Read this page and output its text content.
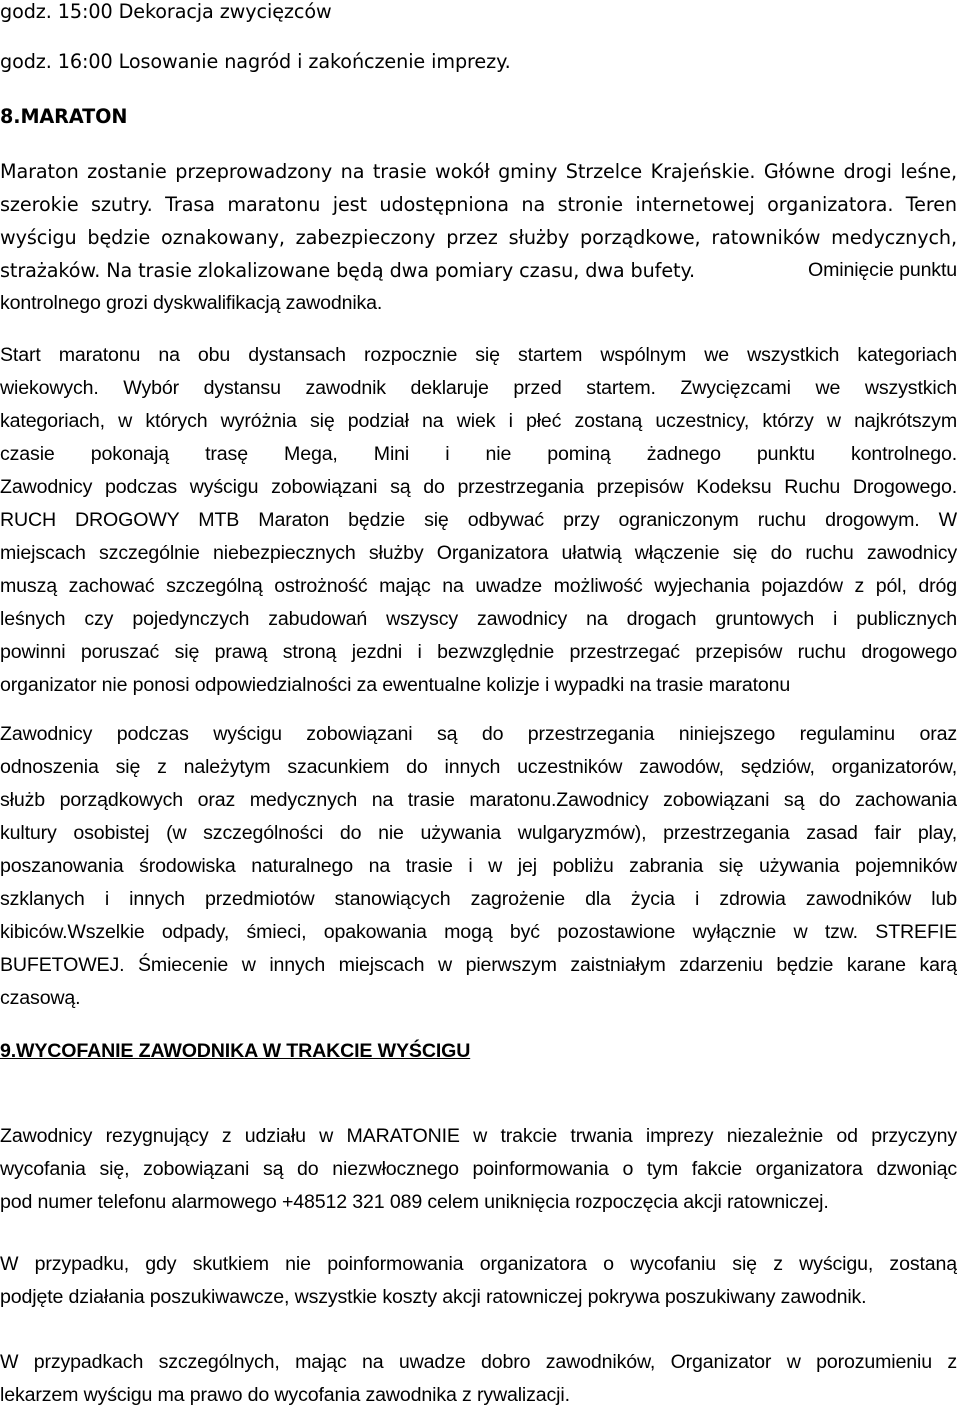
godz. 15:00 Dekoracja zwycięzców
godz. 16:00 Losowanie nagród i zakończenie imprezy.
8.MARATON
Maraton zostanie przeprowadzony na trasie wokół gminy Strzelce Krajeńskie. Główne drogi leśne,
szerokie szutry. Trasa maratonu jest udostępniona na stronie internetowej organizatora. Teren
wyścigu będzie oznakowany, zabezpieczony przez służby porządkowe, ratowników medycznych,
strażaków. Na trasie zlokalizowane będą dwa pomiary czasu, dwa bufety.	Ominięcie punktu
kontrolnego grozi dyskwalifikacją zawodnika.
Start maratonu na obu dystansach rozpocznie się startem wspólnym we wszystkich kategoriach
wiekowych. Wybór dystansu zawodnik deklaruje przed startem. Zwycięzcami we wszystkich
kategoriach, w których wyróżnia się podział na wiek i płeć zostaną uczestnicy, którzy w najkrótszym
czasie pokonają trasę Mega, Mini i nie pominą żadnego punktu kontrolnego.
Zawodnicy podczas wyścigu zobowiązani są do przestrzegania przepisów Kodeksu Ruchu Drogowego.
RUCH DROGOWY MTB Maraton będzie się odbywać przy ograniczonym ruchu drogowym. W
miejscach szczególnie niebezpiecznych służby Organizatora ułatwią włączenie się do ruchu zawodnicy
muszą zachować szczególną ostrożność mając na uwadze możliwość wyjechania pojazdów z pól, dróg
leśnych czy pojedynczych zabudowań wszyscy zawodnicy na drogach gruntowych i publicznych
powinni poruszać się prawą stroną jezdni i bezwzględnie przestrzegać przepisów ruchu drogowego
organizator nie ponosi odpowiedzialności za ewentualne kolizje i wypadki na trasie maratonu
Zawodnicy podczas wyścigu zobowiązani są do przestrzegania niniejszego regulaminu oraz
odnoszenia się z należytym szacunkiem do innych uczestników zawodów, sędziów, organizatorów,
służb porządkowych oraz medycznych na trasie maratonu.Zawodnicy zobowiązani są do zachowania
kultury osobistej (w szczególności do nie używania wulgaryzmów), przestrzegania zasad fair play,
poszanowania środowiska naturalnego na trasie i w jej pobliżu zabrania się używania pojemników
szklanych i innych przedmiotów stanowiących zagrożenie dla życia i zdrowia zawodników lub
kibiców.Wszelkie odpady, śmieci, opakowania mogą być pozostawione wyłącznie w tzw. STREFIE
BUFETOWEJ. Śmiecenie w innych miejscach w pierwszym zaistniałym zdarzeniu będzie karane karą
czasową.
9.WYCOFANIE ZAWODNIKA W TRAKCIE WYŚCIGU
Zawodnicy rezygnujący z udziału w MARATONIE w trakcie trwania imprezy niezależnie od przyczyny
wycofania się, zobowiązani są do niezwłocznego poinformowania o tym fakcie organizatora dzwoniąc
pod numer telefonu alarmowego +48512 321 089 celem uniknięcia rozpoczęcia akcji ratowniczej.
W przypadku, gdy skutkiem nie poinformowania organizatora o wycofaniu się z wyścigu, zostaną
podjęte działania poszukiwawcze, wszystkie koszty akcji ratowniczej pokrywa poszukiwany zawodnik.
W przypadkach szczególnych, mając na uwadze dobro zawodników, Organizator w porozumieniu z
lekarzem wyścigu ma prawo do wycofania zawodnika z rywalizacji.
